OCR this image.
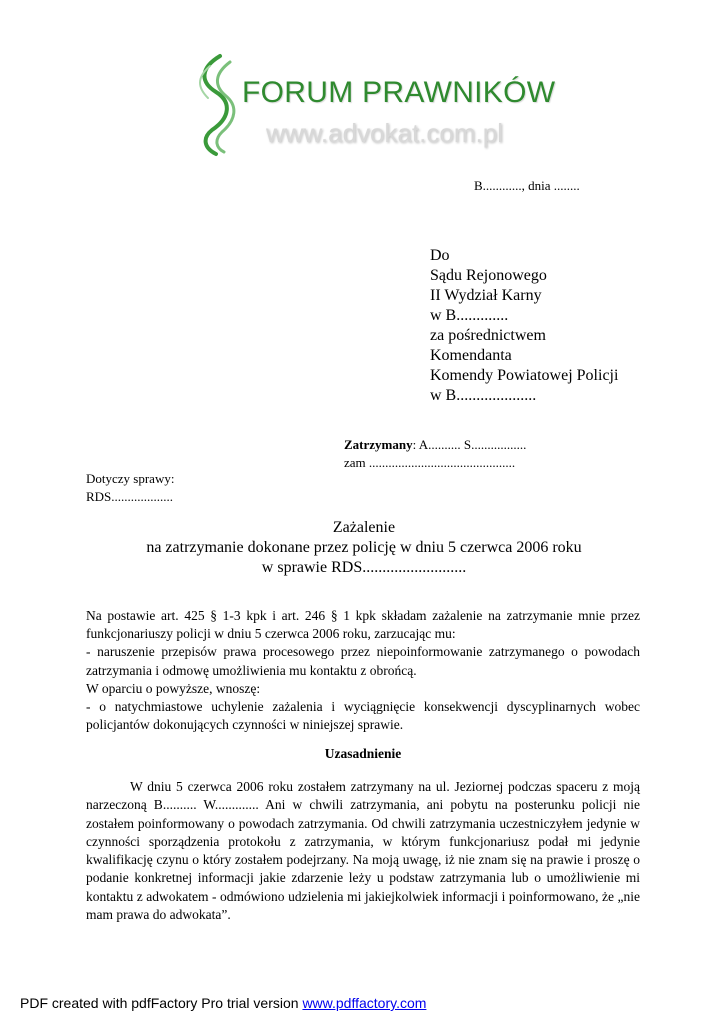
FORUM PRAWNIKÓW
www.advokat.com.pl
B............, dnia ........
Do
Sądu Rejonowego
II Wydział Karny
w B.............
za pośrednictwem
Komendanta
Komendy Powiatowej Policji
w B....................
Zatrzymany: A.......... S.................
zam .............................................
Dotyczy sprawy:
RDS...................
Zażalenie
na zatrzymanie dokonane przez policję w dniu 5 czerwca 2006 roku
w sprawie RDS..........................

Na postawie art. 425 § 1-3 kpk i art. 246 § 1 kpk składam zażalenie na zatrzymanie mnie przez funkcjonariuszy policji w dniu 5 czerwca 2006 roku, zarzucając mu:

- naruszenie przepisów prawa procesowego przez niepoinformowanie zatrzymanego o powodach zatrzymania i odmowę umożliwienia mu kontaktu z obrońcą.

W oparciu o powyższe, wnoszę:

- o natychmiastowe uchylenie zażalenia i wyciągnięcie konsekwencji dyscyplinarnych wobec policjantów dokonujących czynności w niniejszej sprawie.

Uzasadnienie
W dniu 5 czerwca 2006 roku zostałem zatrzymany na ul. Jeziornej podczas spaceru z moją narzeczoną B.......... W............. Ani w chwili zatrzymania, ani pobytu na posterunku policji nie zostałem poinformowany o powodach zatrzymania. Od chwili zatrzymania uczestniczyłem jedynie w czynności sporządzenia protokołu z zatrzymania, w którym funkcjonariusz podał mi jedynie kwalifikację czynu o który zostałem podejrzany. Na moją uwagę, iż nie znam się na prawie i proszę o podanie konkretnej informacji jakie zdarzenie leży u podstaw zatrzymania lub o umożliwienie mi kontaktu z adwokatem - odmówiono udzielenia mi jakiejkolwiek informacji i poinformowano, że „nie mam prawa do adwokata”.
PDF created with pdfFactory Pro trial version www.pdffactory.com
